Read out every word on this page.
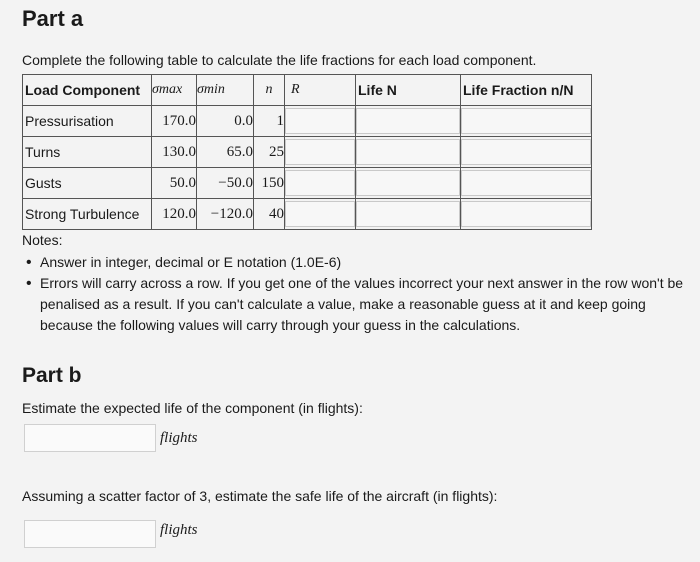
Part a
Complete the following table to calculate the life fractions for each load component.
Load Component	σmax	σmin	n	R	Life N	Life Fraction n/N
Pressurisation	170.0	0.0	1	

Turns	130.0	65.0	25	

Gusts	50.0	−50.0	150	

Strong Turbulence	120.0	−120.0	40	

Notes:
• Answer in integer, decimal or E notation (1.0E-6)
• Errors will carry across a row. If you get one of the values incorrect your next answer in the row won't be penalised as a result. If you can't calculate a value, make a reasonable guess at it and keep going because the following values will carry through your guess in the calculations.
Part b
Estimate the expected life of the component (in flights):
flights
Assuming a scatter factor of 3, estimate the safe life of the aircraft (in flights):
flights
